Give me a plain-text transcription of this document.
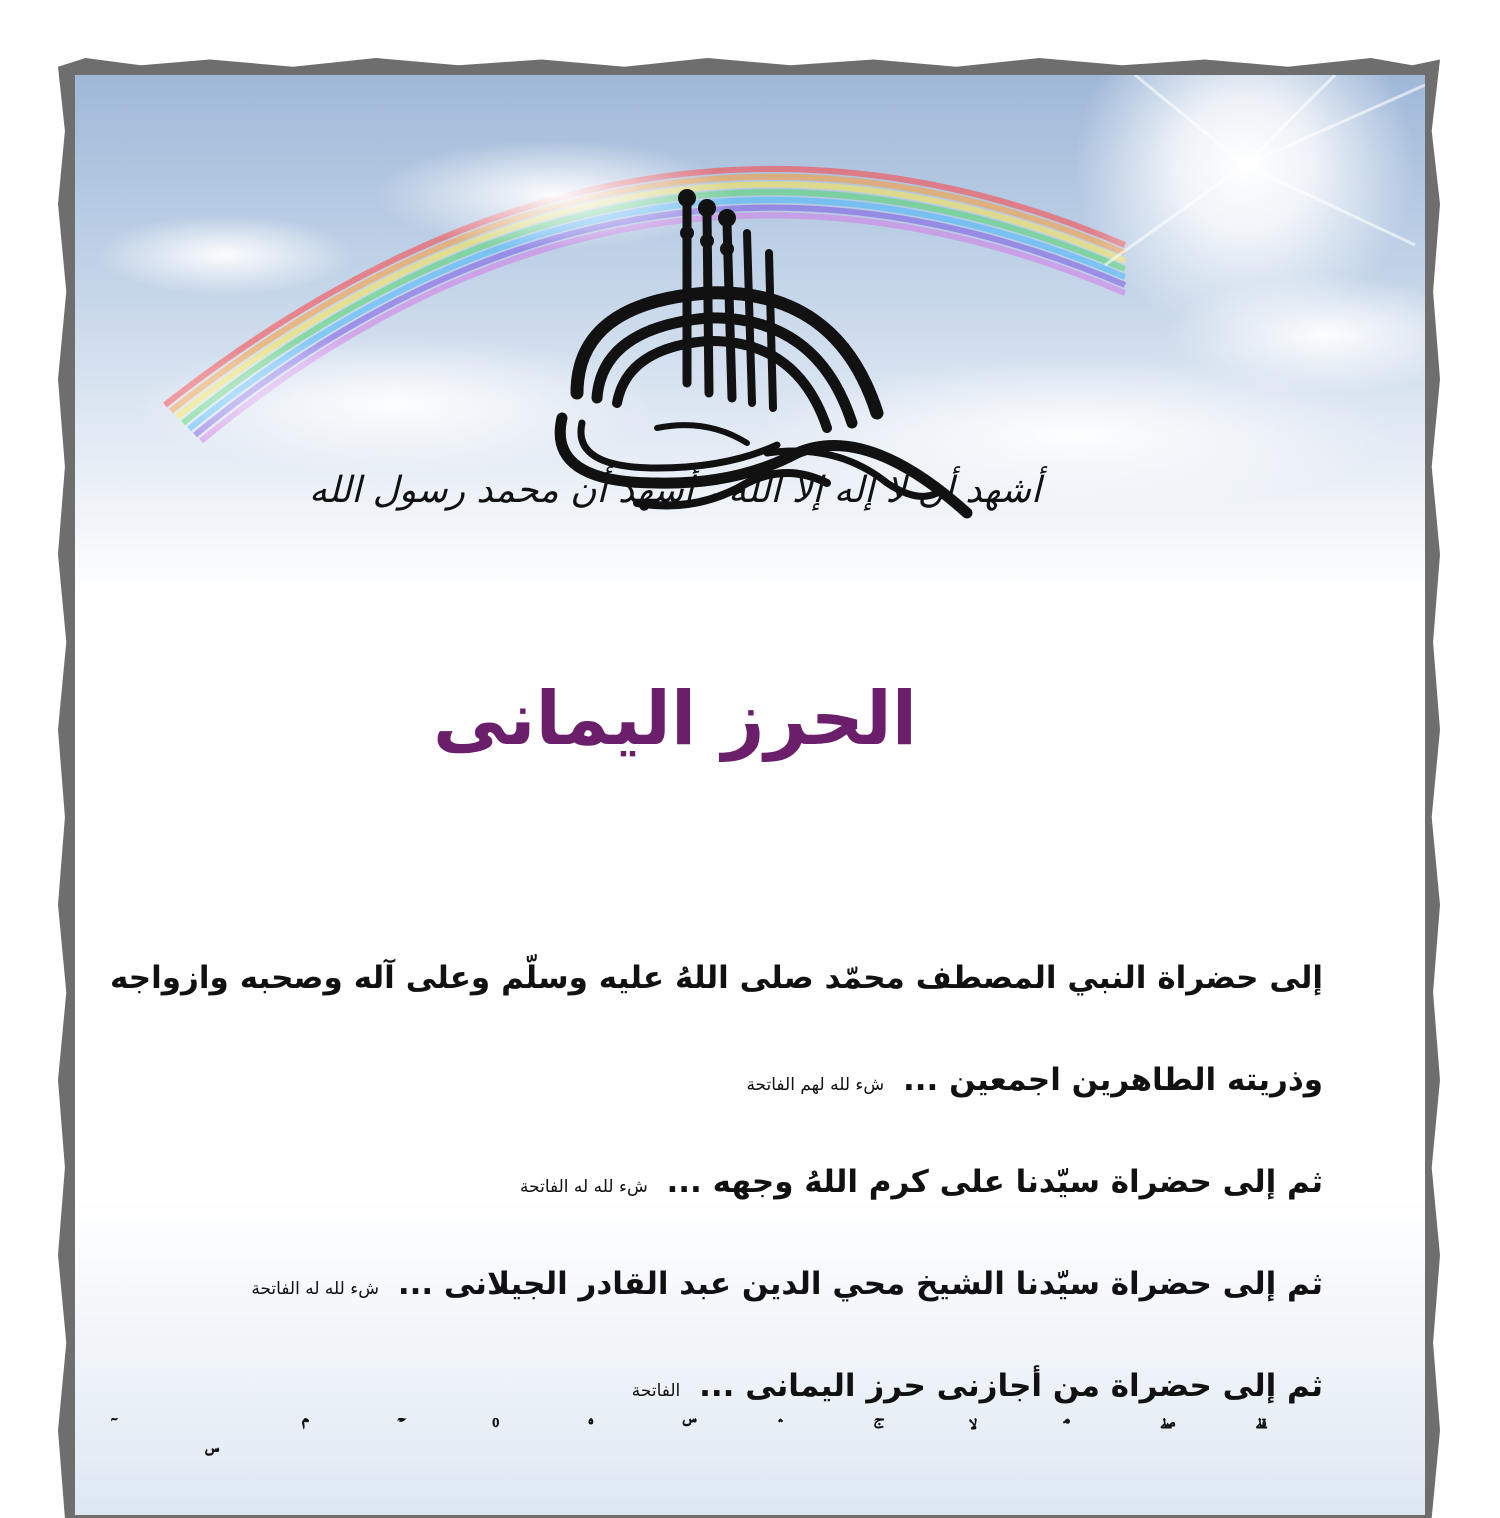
أشهد أن لا إله إلا الله ، أشهد أن محمد رسول الله
الحرز اليمانى
إلى حضراة النبي المصطف محمّد صلى اللهُ عليه وسلّم وعلى آله وصحبه وازواجه
وذريته الطاهرين اجمعين ... شء لله لهم الفاتحة
ثم إلى حضراة سيّدنا على كرم اللهُ وجهه ... شء لله له الفاتحة
ثم إلى حضراة سيّدنا الشيخ محي الدين عبد القادر الجيلانى ... شء لله له الفاتحة
ثم إلى حضراة من أجازنى حرز اليمانى ... الفاتحة
ۚ ۗ ۖ ۘ ۙ ۚ ۛ ۜ ۟ ۠ ۡ ۢ ۣ ۤ
